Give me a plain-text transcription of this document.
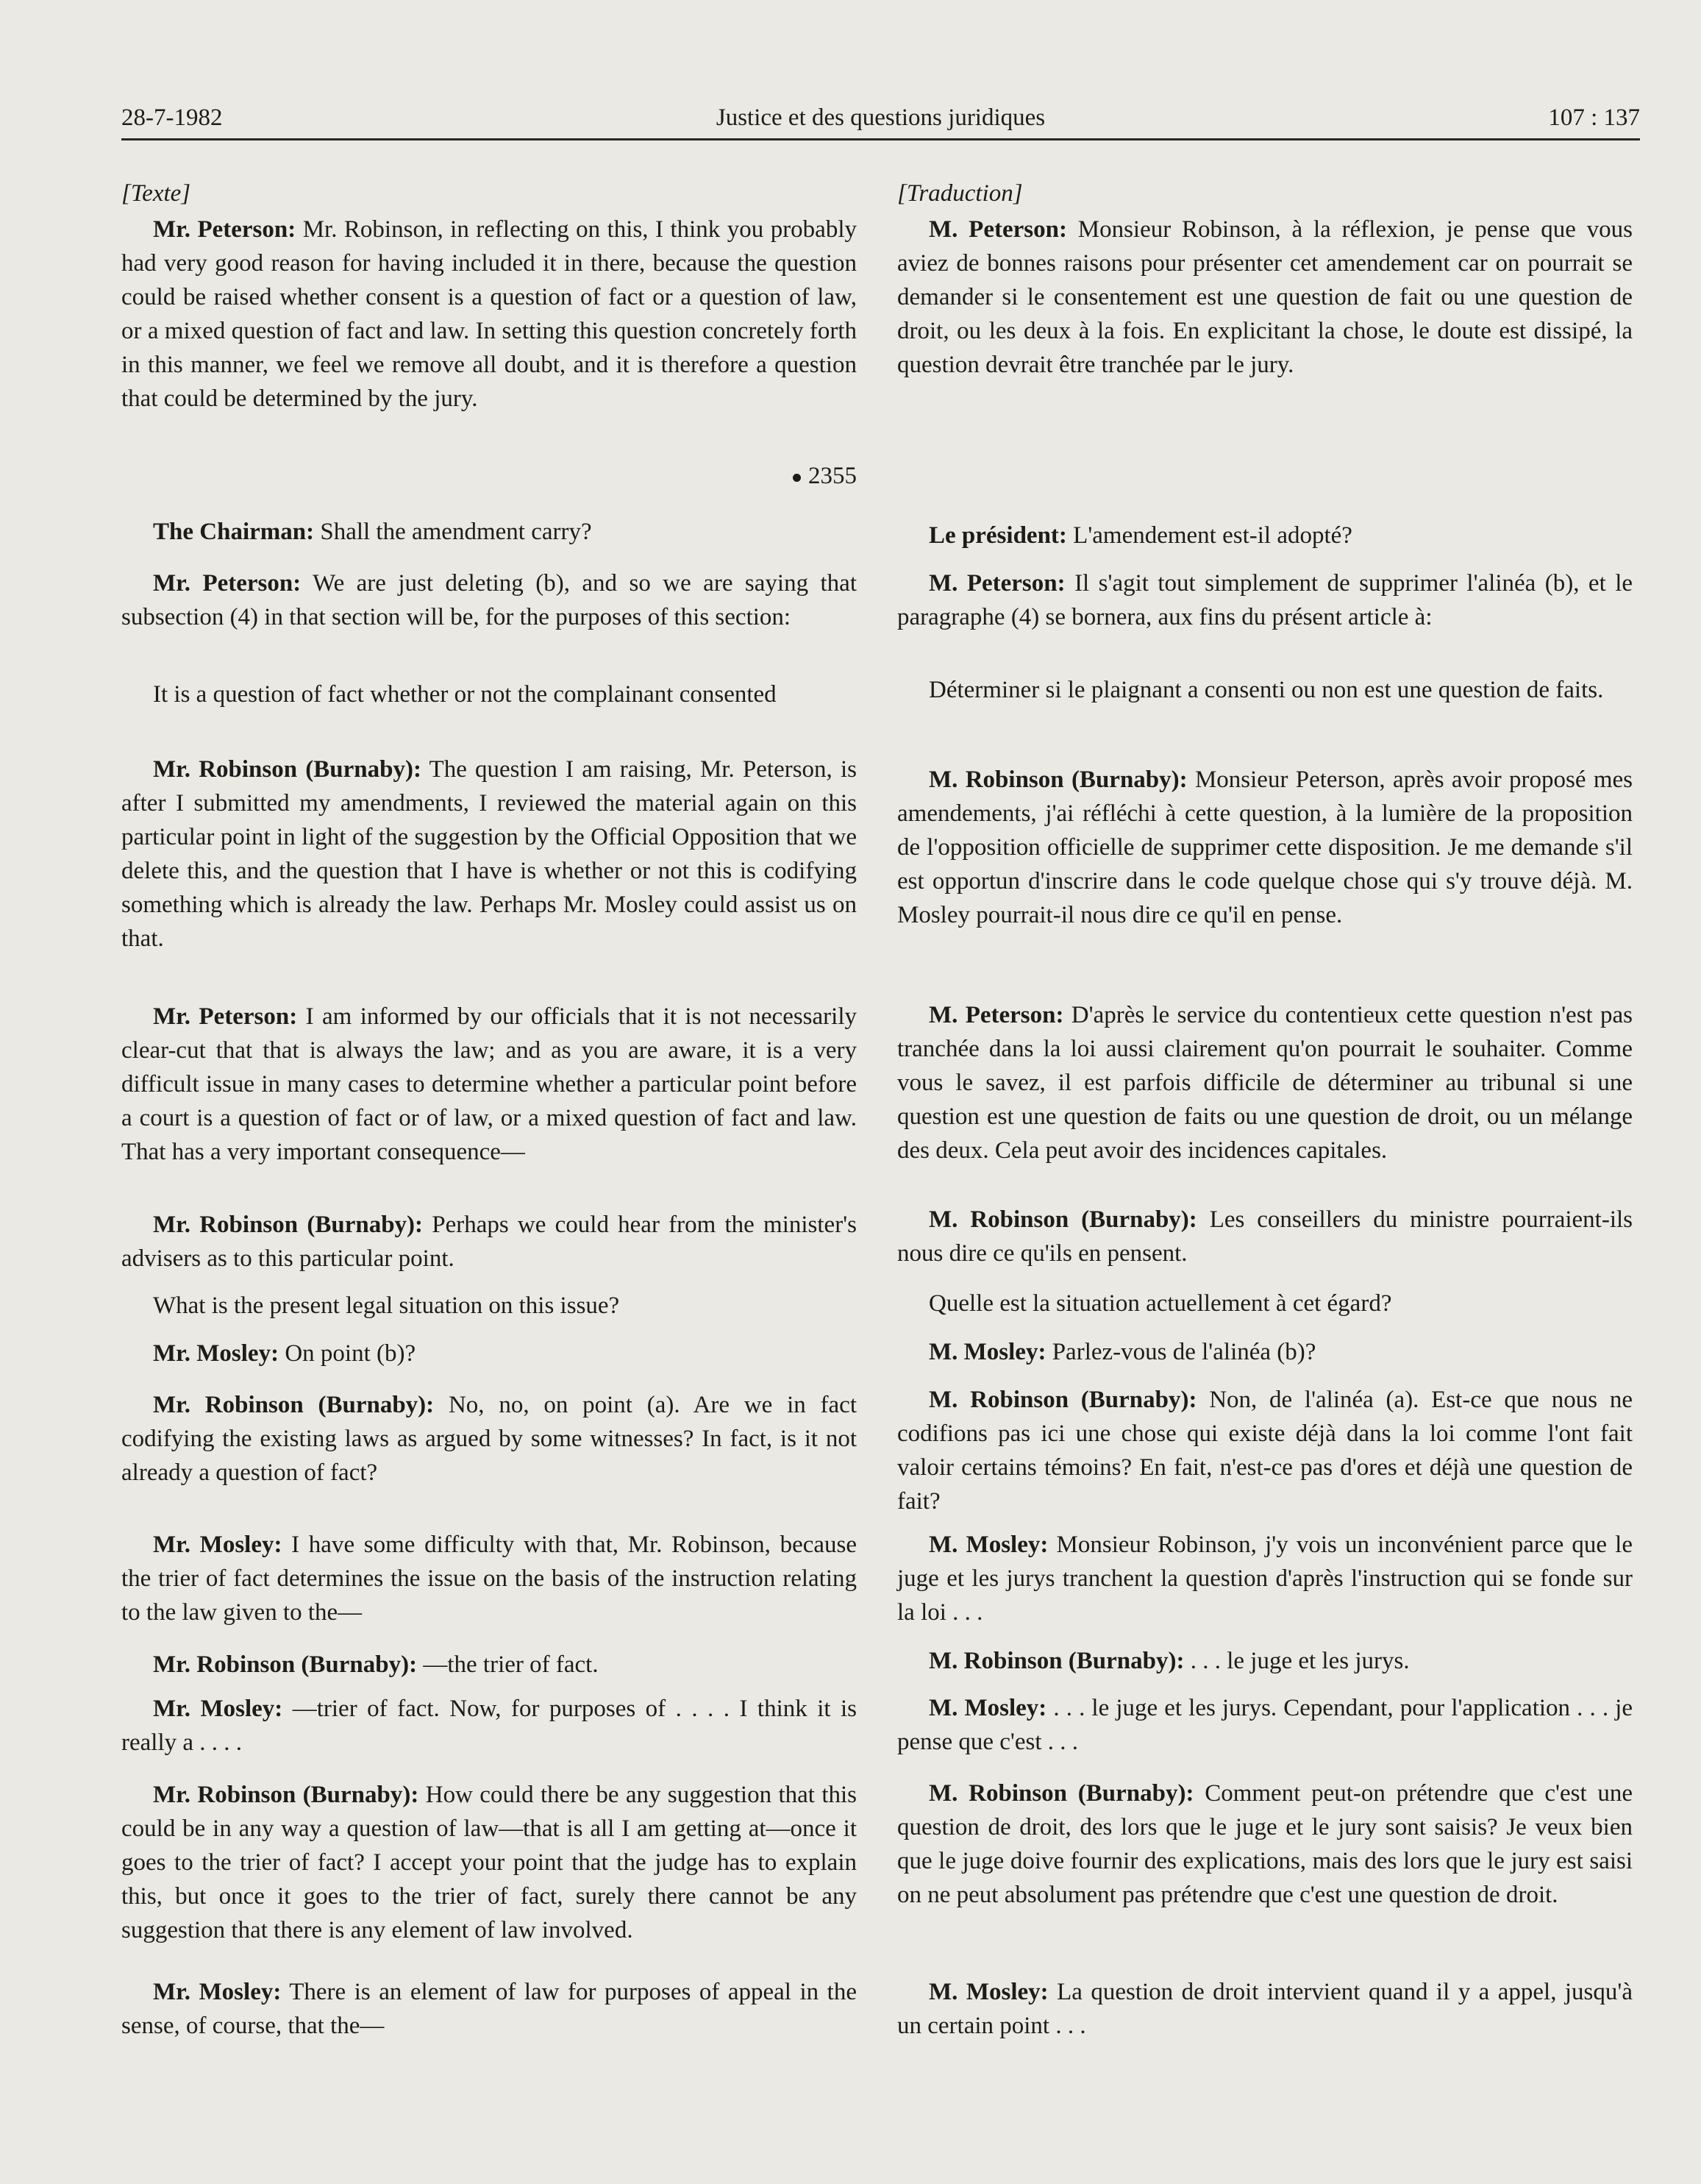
28-7-1982	Justice et des questions juridiques	107 : 137
[Texte]

Mr. Peterson: Mr. Robinson, in reflecting on this, I think you probably had very good reason for having included it in there, because the question could be raised whether consent is a question of fact or a question of law, or a mixed question of fact and law. In setting this question concretely forth in this manner, we feel we remove all doubt, and it is therefore a question that could be determined by the jury.

2355

The Chairman: Shall the amendment carry?

Mr. Peterson: We are just deleting (b), and so we are saying that subsection (4) in that section will be, for the purposes of this section:

It is a question of fact whether or not the complainant consented

Mr. Robinson (Burnaby): The question I am raising, Mr. Peterson, is after I submitted my amendments, I reviewed the material again on this particular point in light of the suggestion by the Official Opposition that we delete this, and the question that I have is whether or not this is codifying something which is already the law. Perhaps Mr. Mosley could assist us on that.

Mr. Peterson: I am informed by our officials that it is not necessarily clear-cut that that is always the law; and as you are aware, it is a very difficult issue in many cases to determine whether a particular point before a court is a question of fact or of law, or a mixed question of fact and law. That has a very important consequence—

Mr. Robinson (Burnaby): Perhaps we could hear from the minister's advisers as to this particular point.

What is the present legal situation on this issue?

Mr. Mosley: On point (b)?

Mr. Robinson (Burnaby): No, no, on point (a). Are we in fact codifying the existing laws as argued by some witnesses? In fact, is it not already a question of fact?

Mr. Mosley: I have some difficulty with that, Mr. Robinson, because the trier of fact determines the issue on the basis of the instruction relating to the law given to the—

Mr. Robinson (Burnaby): —the trier of fact.

Mr. Mosley: —trier of fact. Now, for purposes of . . . . I think it is really a . . . .

Mr. Robinson (Burnaby): How could there be any suggestion that this could be in any way a question of law—that is all I am getting at—once it goes to the trier of fact? I accept your point that the judge has to explain this, but once it goes to the trier of fact, surely there cannot be any suggestion that there is any element of law involved.

Mr. Mosley: There is an element of law for purposes of appeal in the sense, of course, that the—

[Traduction]

M. Peterson: Monsieur Robinson, à la réflexion, je pense que vous aviez de bonnes raisons pour présenter cet amendement car on pourrait se demander si le consentement est une question de fait ou une question de droit, ou les deux à la fois. En explicitant la chose, le doute est dissipé, la question devrait être tranchée par le jury.

Le président: L'amendement est-il adopté?

M. Peterson: Il s'agit tout simplement de supprimer l'alinéa (b), et le paragraphe (4) se bornera, aux fins du présent article à:

Déterminer si le plaignant a consenti ou non est une question de faits.

M. Robinson (Burnaby): Monsieur Peterson, après avoir proposé mes amendements, j'ai réfléchi à cette question, à la lumière de la proposition de l'opposition officielle de supprimer cette disposition. Je me demande s'il est opportun d'inscrire dans le code quelque chose qui s'y trouve déjà. M. Mosley pourrait-il nous dire ce qu'il en pense.

M. Peterson: D'après le service du contentieux cette question n'est pas tranchée dans la loi aussi clairement qu'on pourrait le souhaiter. Comme vous le savez, il est parfois difficile de déterminer au tribunal si une question est une question de faits ou une question de droit, ou un mélange des deux. Cela peut avoir des incidences capitales.

M. Robinson (Burnaby): Les conseillers du ministre pourraient-ils nous dire ce qu'ils en pensent.

Quelle est la situation actuellement à cet égard?

M. Mosley: Parlez-vous de l'alinéa (b)?

M. Robinson (Burnaby): Non, de l'alinéa (a). Est-ce que nous ne codifions pas ici une chose qui existe déjà dans la loi comme l'ont fait valoir certains témoins? En fait, n'est-ce pas d'ores et déjà une question de fait?

M. Mosley: Monsieur Robinson, j'y vois un inconvénient parce que le juge et les jurys tranchent la question d'après l'instruction qui se fonde sur la loi . . .

M. Robinson (Burnaby): . . . le juge et les jurys.

M. Mosley: . . . le juge et les jurys. Cependant, pour l'application . . . je pense que c'est . . .

M. Robinson (Burnaby): Comment peut-on prétendre que c'est une question de droit, des lors que le juge et le jury sont saisis? Je veux bien que le juge doive fournir des explications, mais des lors que le jury est saisi on ne peut absolument pas prétendre que c'est une question de droit.

M. Mosley: La question de droit intervient quand il y a appel, jusqu'à un certain point . . .
